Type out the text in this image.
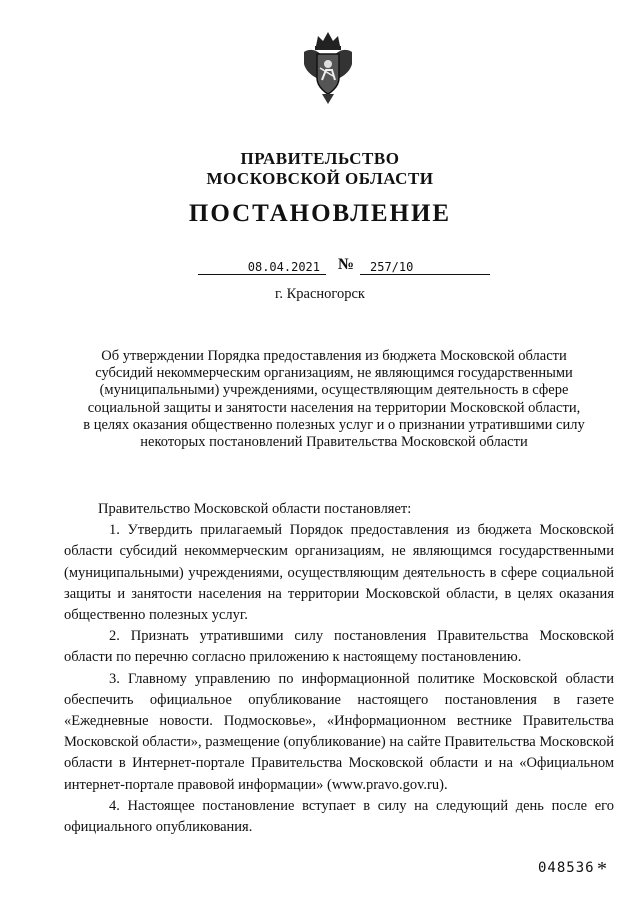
ПРАВИТЕЛЬСТВО
МОСКОВСКОЙ ОБЛАСТИ
ПОСТАНОВЛЕНИЕ
08.04.2021	№	257/10
г. Красногорск
Об утверждении Порядка предоставления из бюджета Московской области
субсидий некоммерческим организациям, не являющимся государственными
(муниципальными) учреждениями, осуществляющим деятельность в сфере
социальной защиты и занятости населения на территории Московской области,
в целях оказания общественно полезных услуг и о признании утратившими силу
некоторых постановлений Правительства Московской области

Правительство Московской области постановляет:

1. Утвердить прилагаемый Порядок предоставления из бюджета Московской области субсидий некоммерческим организациям, не являющимся государственными (муниципальными) учреждениями, осуществляющим деятельность в сфере социальной защиты и занятости населения на территории Московской области, в целях оказания общественно полезных услуг.

2. Признать утратившими силу постановления Правительства Московской области по перечню согласно приложению к настоящему постановлению.

3. Главному управлению по информационной политике Московской области обеспечить официальное опубликование настоящего постановления в газете «Ежедневные новости. Подмосковье», «Информационном вестнике Правительства Московской области», размещение (опубликование) на сайте Правительства Московской области в Интернет-портале Правительства Московской области и на «Официальном интернет-портале правовой информации» (www.pravo.gov.ru).

4. Настоящее постановление вступает в силу на следующий день после его официального опубликования.

048536 *
